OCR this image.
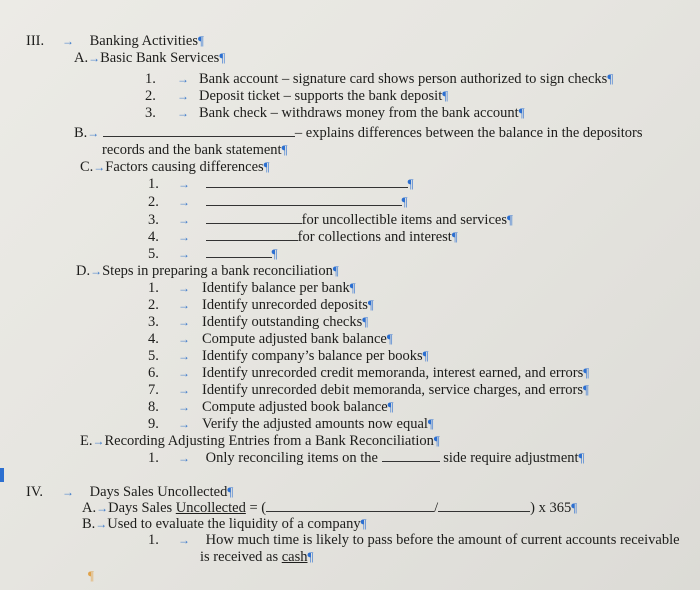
III. → Banking Activities¶
A.→Basic Bank Services¶
1. → Bank account – signature card shows person authorized to sign checks¶
2. → Deposit ticket – supports the bank deposit¶
3. → Bank check – withdraws money from the bank account¶
B.→	– explains differences between the balance in the depositors
records and the bank statement¶
C.→Factors causing differences¶
1. →	¶
2. →	¶
3. →	for uncollectible items and services¶
4. →	for collections and interest¶
5. →	¶
D.→Steps in preparing a bank reconciliation¶
1. → Identify balance per bank¶
2. → Identify unrecorded deposits¶
3. → Identify outstanding checks¶
4. → Compute adjusted bank balance¶
5. → Identify company’s balance per books¶
6. → Identify unrecorded credit memoranda, interest earned, and errors¶
7. → Identify unrecorded debit memoranda, service charges, and errors¶
8. → Compute adjusted book balance¶
9. → Verify the adjusted amounts now equal¶
E.→Recording Adjusting Entries from a Bank Reconciliation¶
1. → Only reconciling items on the	side require adjustment¶
IV. → Days Sales Uncollected¶
A.→Days Sales Uncollected = (	/	) x 365¶
B.→Used to evaluate the liquidity of a company¶
1. → How much time is likely to pass before the amount of current accounts receivable
is received as cash¶
¶
